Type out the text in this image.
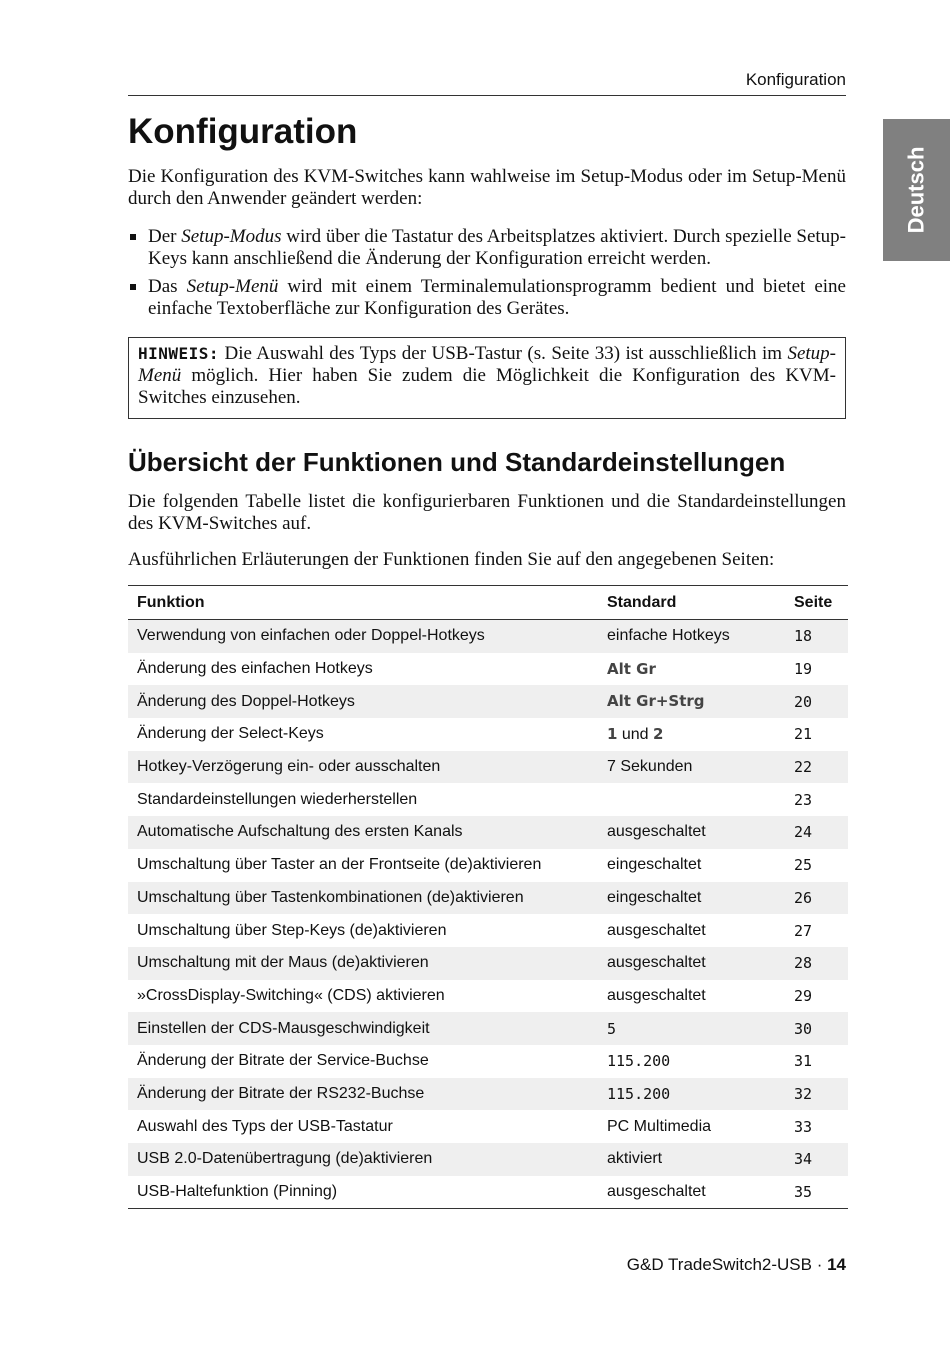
Konfiguration
Deutsch
Konfiguration

Die Konfiguration des KVM-Switches kann wahlweise im Setup-Modus oder im Setup-Menü durch den Anwender geändert werden:

Der Setup-Modus wird über die Tastatur des Arbeitsplatzes aktiviert. Durch spezielle Setup-Keys kann anschließend die Änderung der Konfiguration erreicht werden.
Das Setup-Menü wird mit einem Terminalemulationsprogramm bedient und bietet eine einfache Textoberfläche zur Konfiguration des Gerätes.
HINWEIS: Die Auswahl des Typs der USB-Tastur (s. Seite 33) ist ausschließlich im Setup-Menü möglich. Hier haben Sie zudem die Möglichkeit die Konfiguration des KVM-Switches einzusehen.
Übersicht der Funktionen und Standardeinstellungen

Die folgenden Tabelle listet die konfigurierbaren Funktionen und die Standardeinstellungen des KVM-Switches auf.

Ausführlichen Erläuterungen der Funktionen finden Sie auf den angegebenen Seiten:

Funktion	Standard	Seite
Verwendung von einfachen oder Doppel-Hotkeys	einfache Hotkeys	18
Änderung des einfachen Hotkeys	Alt Gr	19
Änderung des Doppel-Hotkeys	Alt Gr+Strg	20
Änderung der Select-Keys	1 und 2	21
Hotkey-Verzögerung ein- oder ausschalten	7 Sekunden	22
Standardeinstellungen wiederherstellen		23
Automatische Aufschaltung des ersten Kanals	ausgeschaltet	24
Umschaltung über Taster an der Frontseite (de)aktivieren	eingeschaltet	25
Umschaltung über Tastenkombinationen (de)aktivieren	eingeschaltet	26
Umschaltung über Step-Keys (de)aktivieren	ausgeschaltet	27
Umschaltung mit der Maus (de)aktivieren	ausgeschaltet	28
»CrossDisplay-Switching« (CDS) aktivieren	ausgeschaltet	29
Einstellen der CDS-Mausgeschwindigkeit	5	30
Änderung der Bitrate der Service-Buchse	115.200	31
Änderung der Bitrate der RS232-Buchse	115.200	32
Auswahl des Typs der USB-Tastatur	PC Multimedia	33
USB 2.0-Datenübertragung (de)aktivieren	aktiviert	34
USB-Haltefunktion (Pinning)	ausgeschaltet	35
G&D TradeSwitch2-USB · 14
